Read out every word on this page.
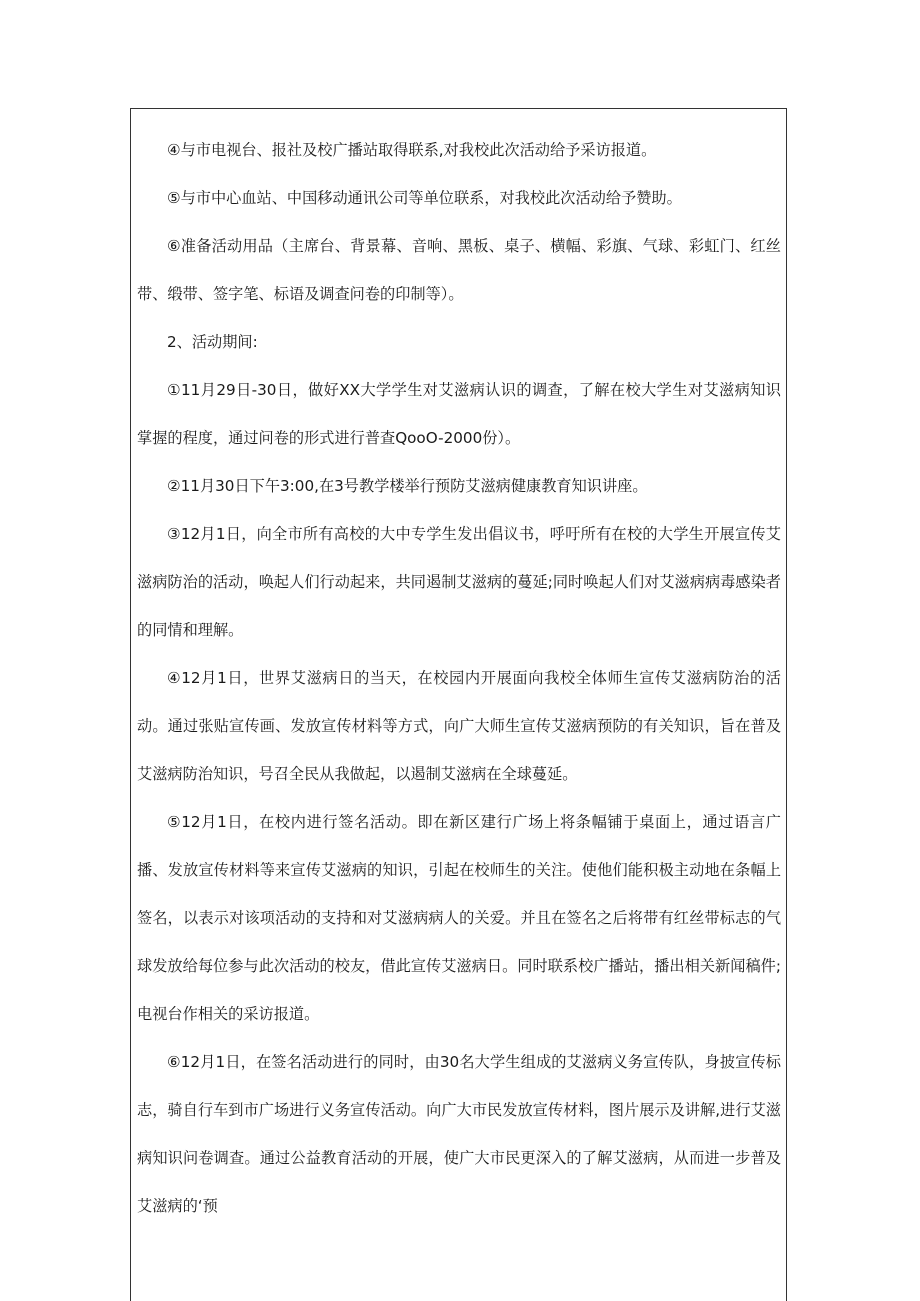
④与市电视台、报社及校广播站取得联系,对我校此次活动给予采访报道。

⑤与市中心血站、中国移动通讯公司等单位联系，对我校此次活动给予赞助。

⑥准备活动用品（主席台、背景幕、音响、黑板、桌子、横幅、彩旗、气球、彩虹门、红丝带、缎带、签字笔、标语及调查问卷的印制等）。

2、活动期间:

①11月29日-30日，做好XX大学学生对艾滋病认识的调查，了解在校大学生对艾滋病知识掌握的程度，通过问卷的形式进行普查QooO-2000份）。

②11月30日下午3:00,在3号教学楼举行预防艾滋病健康教育知识讲座。

③12月1日，向全市所有高校的大中专学生发出倡议书，呼吁所有在校的大学生开展宣传艾滋病防治的活动，唤起人们行动起来，共同遏制艾滋病的蔓延;同时唤起人们对艾滋病病毒感染者的同情和理解。

④12月1日，世界艾滋病日的当天，在校园内开展面向我校全体师生宣传艾滋病防治的活动。通过张贴宣传画、发放宣传材料等方式，向广大师生宣传艾滋病预防的有关知识，旨在普及艾滋病防治知识，号召全民从我做起，以遏制艾滋病在全球蔓延。

⑤12月1日，在校内进行签名活动。即在新区建行广场上将条幅铺于桌面上，通过语言广播、发放宣传材料等来宣传艾滋病的知识，引起在校师生的关注。使他们能积极主动地在条幅上签名，以表示对该项活动的支持和对艾滋病病人的关爱。并且在签名之后将带有红丝带标志的气球发放给每位参与此次活动的校友，借此宣传艾滋病日。同时联系校广播站，播出相关新闻稿件;电视台作相关的采访报道。

⑥12月1日，在签名活动进行的同时，由30名大学生组成的艾滋病义务宣传队，身披宣传标志，骑自行车到市广场进行义务宣传活动。向广大市民发放宣传材料，图片展示及讲解,进行艾滋病知识问卷调查。通过公益教育活动的开展，使广大市民更深入的了解艾滋病，从而进一步普及艾滋病的‘预
